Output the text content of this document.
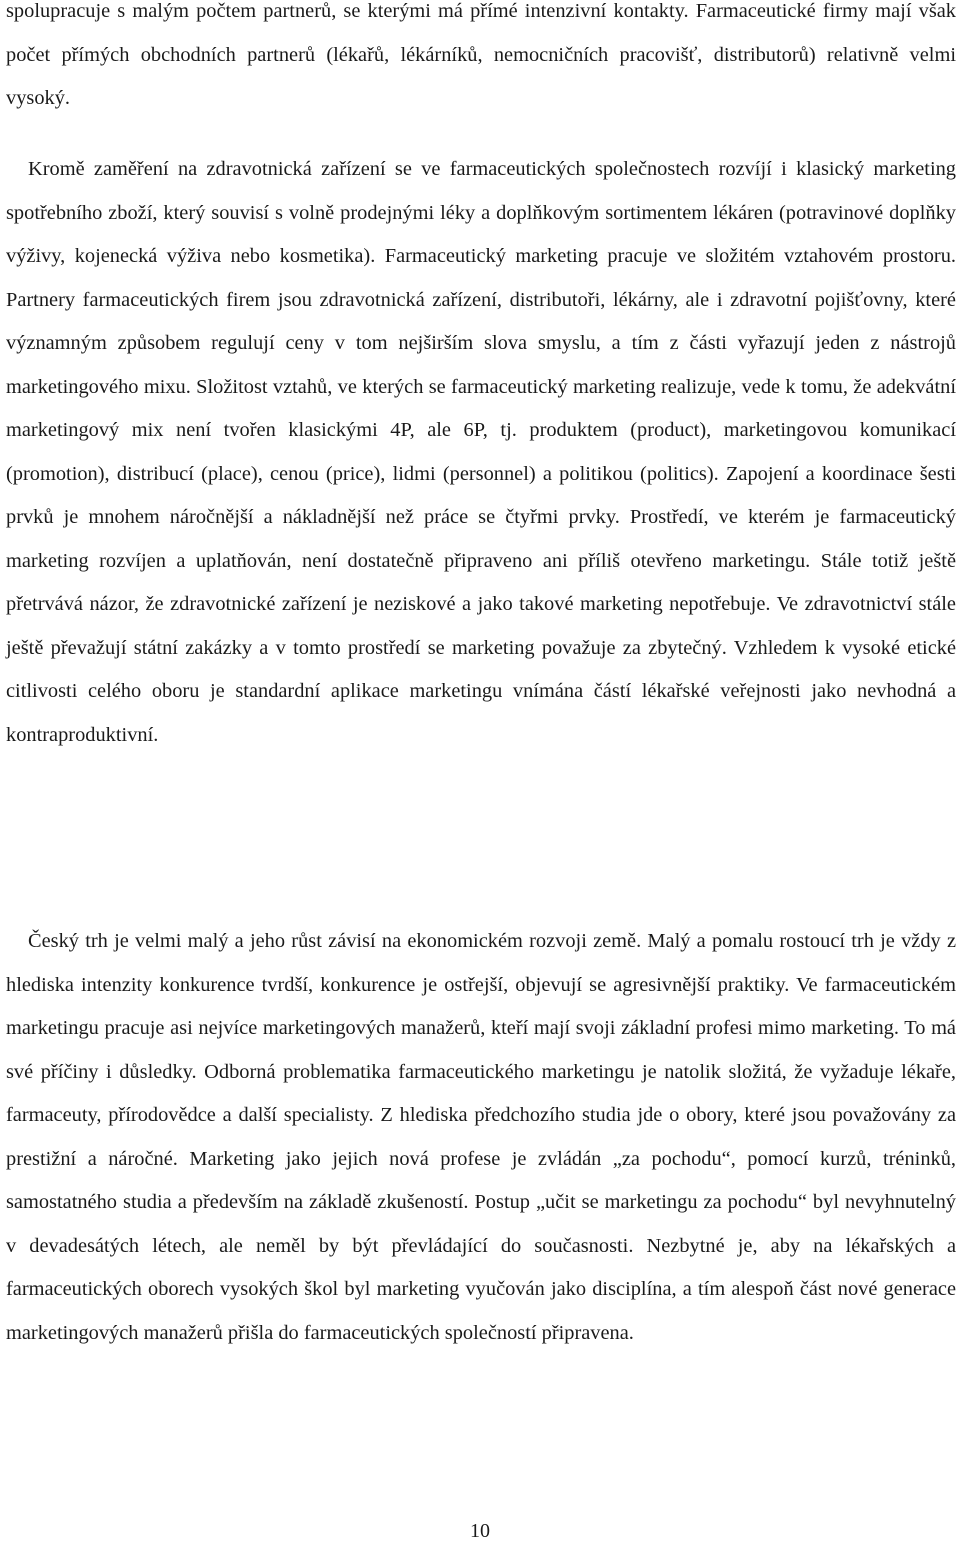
spolupracuje s malým počtem partnerů, se kterými má přímé intenzivní kontakty. Farmaceutické firmy mají však počet přímých obchodních partnerů (lékařů, lékárníků, nemocničních pracovišť, distributorů) relativně velmi vysoký.

Kromě zaměření na zdravotnická zařízení se ve farmaceutických společnostech rozvíjí i klasický marketing spotřebního zboží, který souvisí s volně prodejnými léky a doplňkovým sortimentem lékáren (potravinové doplňky výživy, kojenecká výživa nebo kosmetika). Farmaceutický marketing pracuje ve složitém vztahovém prostoru. Partnery farmaceutických firem jsou zdravotnická zařízení, distributoři, lékárny, ale i zdravotní pojišťovny, které významným způsobem regulují ceny v tom nejširším slova smyslu, a tím z části vyřazují jeden z nástrojů marketingového mixu. Složitost vztahů, ve kterých se farmaceutický marketing realizuje, vede k tomu, že adekvátní marketingový mix není tvořen klasickými 4P, ale 6P, tj. produktem (product), marketingovou komunikací (promotion), distribucí (place), cenou (price), lidmi (personnel) a politikou (politics). Zapojení a koordinace šesti prvků je mnohem náročnější a nákladnější než práce se čtyřmi prvky. Prostředí, ve kterém je farmaceutický marketing rozvíjen a uplatňován, není dostatečně připraveno ani příliš otevřeno marketingu. Stále totiž ještě přetrvává názor, že zdravotnické zařízení je neziskové a jako takové marketing nepotřebuje. Ve zdravotnictví stále ještě převažují státní zakázky a v tomto prostředí se marketing považuje za zbytečný. Vzhledem k vysoké etické citlivosti celého oboru je standardní aplikace marketingu vnímána částí lékařské veřejnosti jako nevhodná a kontraproduktivní.

Český trh je velmi malý a jeho růst závisí na ekonomickém rozvoji země. Malý a pomalu rostoucí trh je vždy z hlediska intenzity konkurence tvrdší, konkurence je ostřejší, objevují se agresivnější praktiky. Ve farmaceutickém marketingu pracuje asi nejvíce marketingových manažerů, kteří mají svoji základní profesi mimo marketing. To má své příčiny i důsledky. Odborná problematika farmaceutického marketingu je natolik složitá, že vyžaduje lékaře, farmaceuty, přírodovědce a další specialisty. Z hlediska předchozího studia jde o obory, které jsou považovány za prestižní a náročné. Marketing jako jejich nová profese je zvládán „za pochodu“, pomocí kurzů, tréninků, samostatného studia a především na základě zkušeností. Postup „učit se marketingu za pochodu“ byl nevyhnutelný v devadesátých létech, ale neměl by být převládající do současnosti. Nezbytné je, aby na lékařských a farmaceutických oborech vysokých škol byl marketing vyučován jako disciplína, a tím alespoň část nové generace marketingových manažerů přišla do farmaceutických společností připravena.

10
